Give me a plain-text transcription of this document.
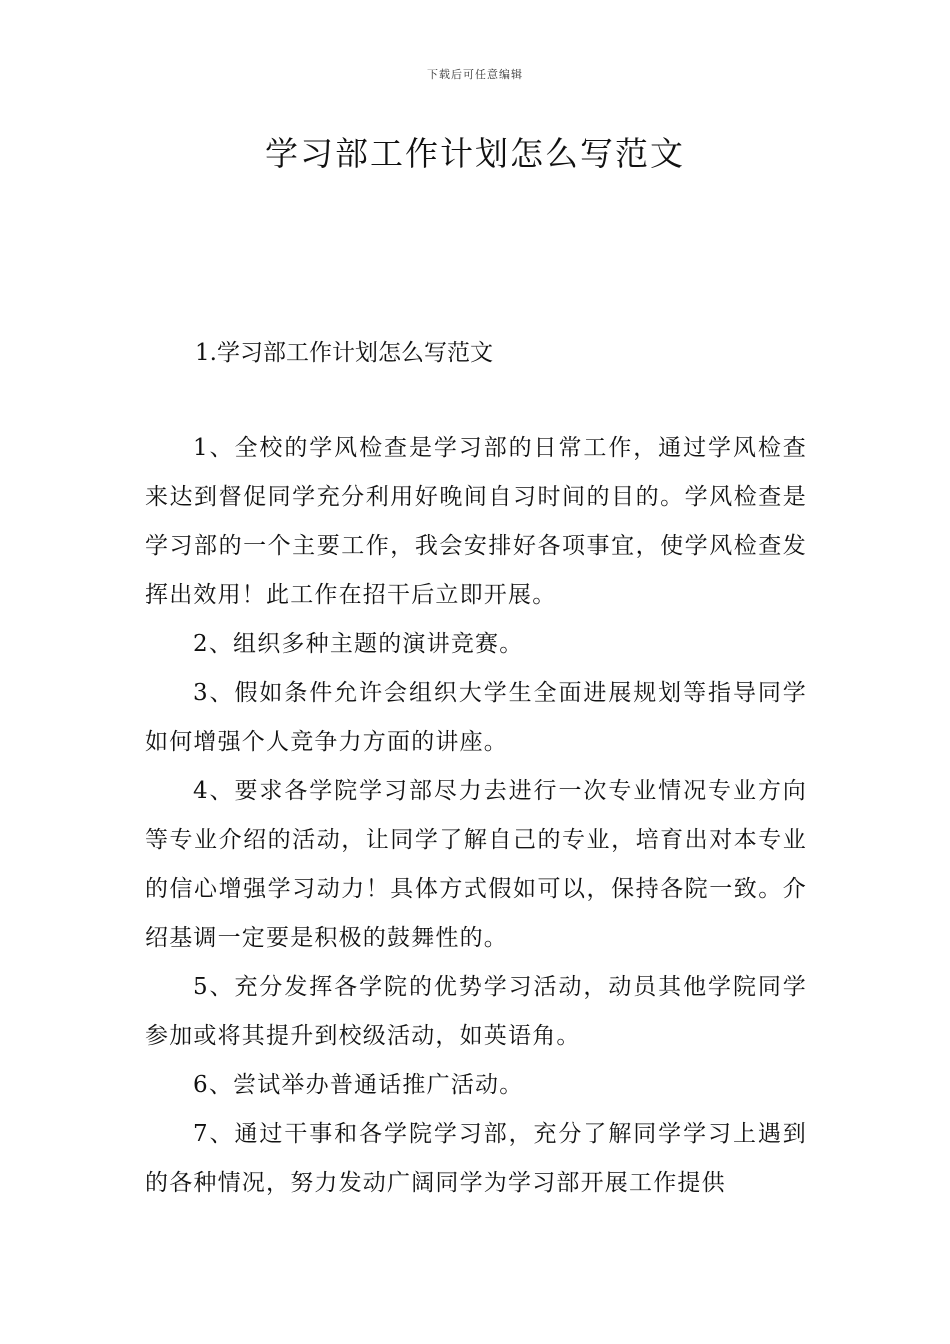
下载后可任意编辑
学习部工作计划怎么写范文
1.学习部工作计划怎么写范文

1、全校的学风检查是学习部的日常工作，通过学风检查来达到督促同学充分利用好晚间自习时间的目的。学风检查是学习部的一个主要工作，我会安排好各项事宜，使学风检查发挥出效用！此工作在招干后立即开展。

2、组织多种主题的演讲竞赛。

3、假如条件允许会组织大学生全面进展规划等指导同学如何增强个人竞争力方面的讲座。

4、要求各学院学习部尽力去进行一次专业情况专业方向等专业介绍的活动，让同学了解自己的专业，培育出对本专业的信心增强学习动力！具体方式假如可以，保持各院一致。介绍基调一定要是积极的鼓舞性的。

5、充分发挥各学院的优势学习活动，动员其他学院同学参加或将其提升到校级活动，如英语角。

6、尝试举办普通话推广活动。

7、通过干事和各学院学习部，充分了解同学学习上遇到的各种情况，努力发动广阔同学为学习部开展工作提供
